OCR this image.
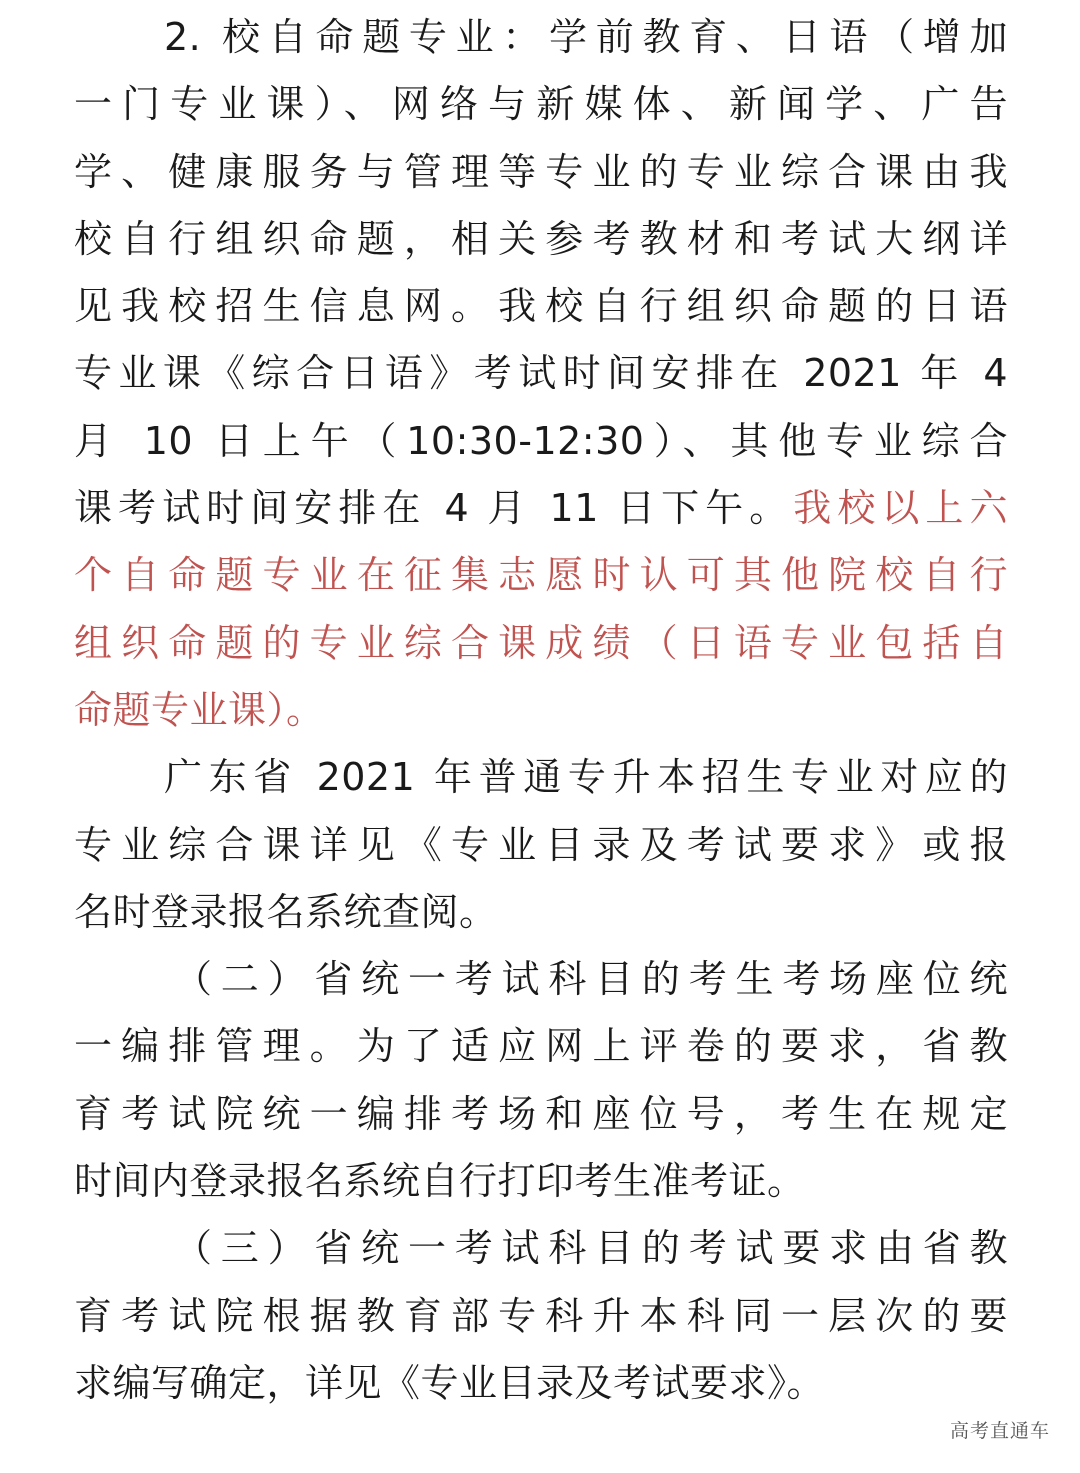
2. 校自命题专业：学前教育、日语（增加
一门专业课）、网络与新媒体、新闻学、广告
学、健康服务与管理等专业的专业综合课由我
校自行组织命题，相关参考教材和考试大纲详
见我校招生信息网。我校自行组织命题的日语
专业课《综合日语》考试时间安排在 2021 年 4
月 10 日上午（10:30-12:30）、其他专业综合
课考试时间安排在 4 月 11 日下午。我校以上六
个自命题专业在征集志愿时认可其他院校自行
组织命题的专业综合课成绩（日语专业包括自
命题专业课）。
广东省 2021 年普通专升本招生专业对应的
专业综合课详见《专业目录及考试要求》或报
名时登录报名系统查阅。
（二）省统一考试科目的考生考场座位统
一编排管理。为了适应网上评卷的要求，省教
育考试院统一编排考场和座位号，考生在规定
时间内登录报名系统自行打印考生准考证。
（三）省统一考试科目的考试要求由省教
育考试院根据教育部专科升本科同一层次的要
求编写确定，详见《专业目录及考试要求》。
高考直通车
